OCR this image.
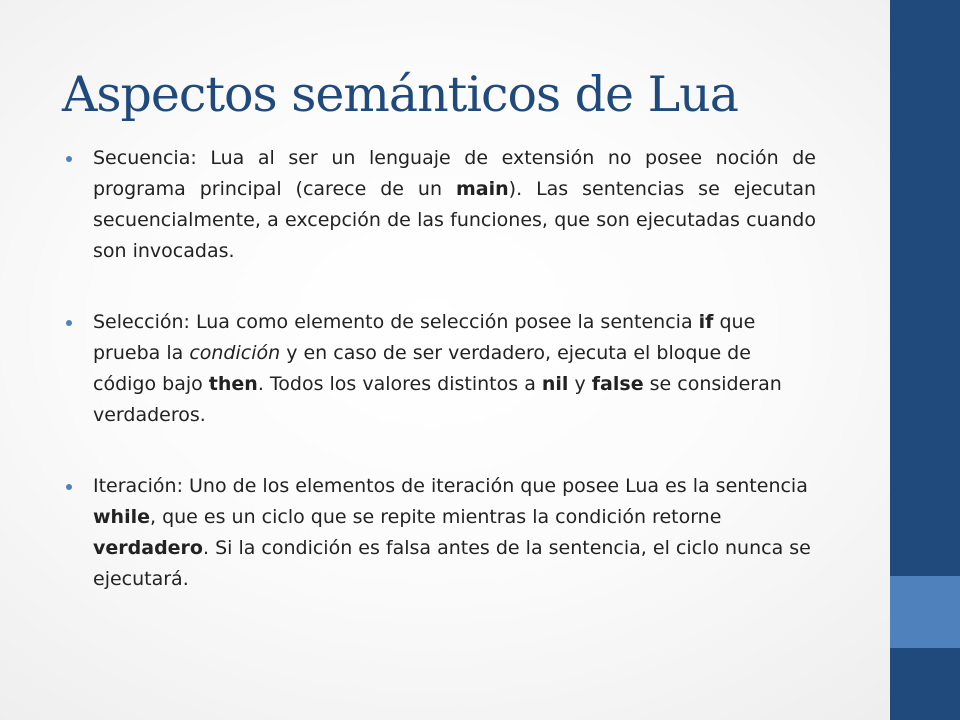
Aspectos semánticos de Lua
Secuencia: Lua al ser un lenguaje de extensión no posee noción de programa principal (carece de un main). Las sentencias se ejecutan secuencialmente, a excepción de las funciones, que son ejecutadas cuando son invocadas.
Selección: Lua como elemento de selección posee la sentencia if que prueba la condición y en caso de ser verdadero, ejecuta el bloque de código bajo then. Todos los valores distintos a nil y false se consideran verdaderos.
Iteración: Uno de los elementos de iteración que posee Lua es la sentencia while, que es un ciclo que se repite mientras la condición retorne verdadero. Si la condición es falsa antes de la sentencia, el ciclo nunca se ejecutará.
